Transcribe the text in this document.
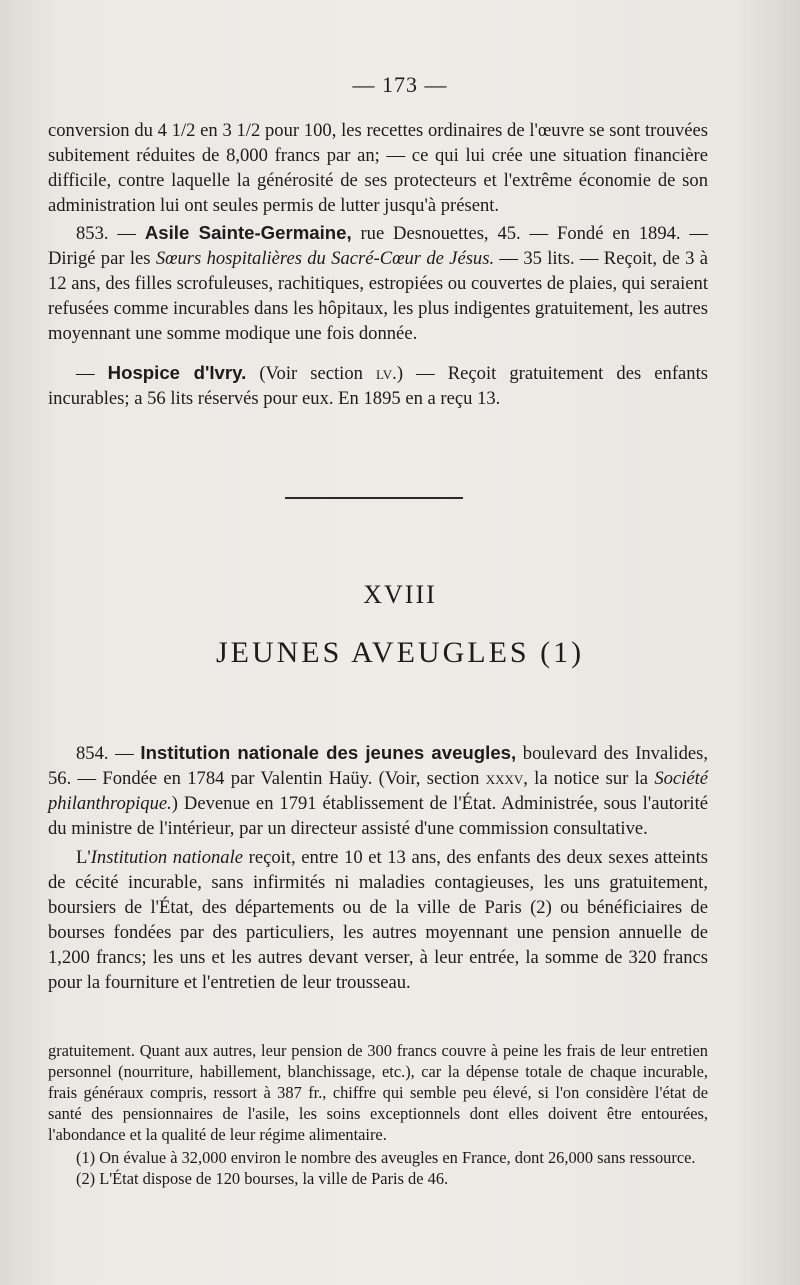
— 173 —

conversion du 4 1/2 en 3 1/2 pour 100, les recettes ordinaires de l'œuvre se sont trouvées subitement réduites de 8,000 francs par an; — ce qui lui crée une situation financière difficile, contre laquelle la générosité de ses protecteurs et l'extrême économie de son administration lui ont seules permis de lutter jusqu'à présent.

853. — Asile Sainte-Germaine, rue Desnouettes, 45. — Fondé en 1894. — Dirigé par les Sœurs hospitalières du Sacré-Cœur de Jésus. — 35 lits. — Reçoit, de 3 à 12 ans, des filles scrofuleuses, rachitiques, estropiées ou couvertes de plaies, qui seraient refusées comme incurables dans les hôpitaux, les plus indigentes gratuitement, les autres moyennant une somme modique une fois donnée.

— Hospice d'Ivry. (Voir section lv.) — Reçoit gratuitement des enfants incurables; a 56 lits réservés pour eux. En 1895 en a reçu 13.

XVIII
JEUNES AVEUGLES (1)

854. — Institution nationale des jeunes aveugles, boulevard des Invalides, 56. — Fondée en 1784 par Valentin Haüy. (Voir, section xxxv, la notice sur la Société philanthropique.) Devenue en 1791 établissement de l'État. Administrée, sous l'autorité du ministre de l'intérieur, par un directeur assisté d'une commission consultative.

L'Institution nationale reçoit, entre 10 et 13 ans, des enfants des deux sexes atteints de cécité incurable, sans infirmités ni maladies contagieuses, les uns gratuitement, boursiers de l'État, des départements ou de la ville de Paris (2) ou bénéficiaires de bourses fondées par des particuliers, les autres moyennant une pension annuelle de 1,200 francs; les uns et les autres devant verser, à leur entrée, la somme de 320 francs pour la fourniture et l'entretien de leur trousseau.

gratuitement. Quant aux autres, leur pension de 300 francs couvre à peine les frais de leur entretien personnel (nourriture, habillement, blanchissage, etc.), car la dépense totale de chaque incurable, frais généraux compris, ressort à 387 fr., chiffre qui semble peu élevé, si l'on considère l'état de santé des pensionnaires de l'asile, les soins exceptionnels dont elles doivent être entourées, l'abondance et la qualité de leur régime alimentaire.

(1) On évalue à 32,000 environ le nombre des aveugles en France, dont 26,000 sans ressource.

(2) L'État dispose de 120 bourses, la ville de Paris de 46.
